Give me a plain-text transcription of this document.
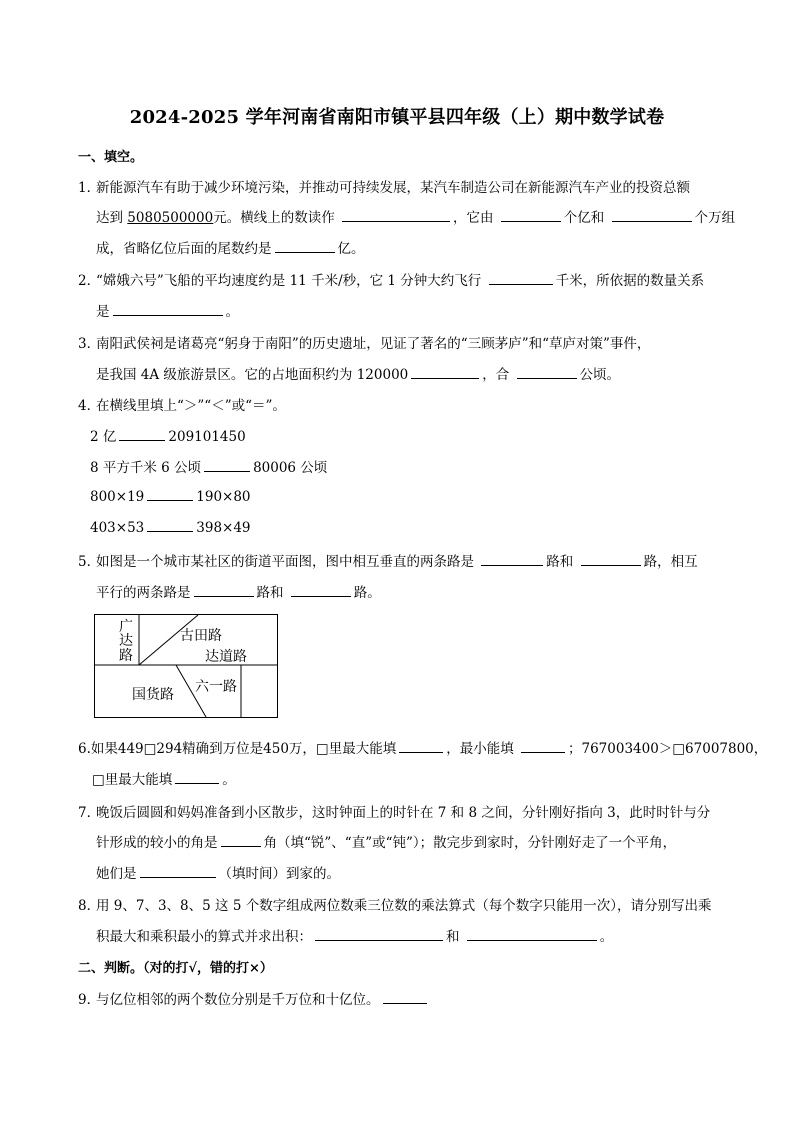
2024-2025 学年河南省南阳市镇平县四年级（上）期中数学试卷
一、填空。
1．新能源汽车有助于减少环境污染，并推动可持续发展，某汽车制造公司在新能源汽车产业的投资总额
达到 5080500000元。横线上的数读作	，它由	个亿和	个万组
成，省略亿位后面的尾数约是	亿。
2．“嫦娥六号”飞船的平均速度约是 11 千米/秒，它 1 分钟大约飞行	千米，所依据的数量关系
是	。
3．南阳武侯祠是诸葛亮“躬身于南阳”的历史遗址，见证了著名的“三顾茅庐”和“草庐对策”事件，
是我国 4A 级旅游景区。它的占地面积约为 120000	，合	公顷。
4．在横线里填上“＞”“＜”或“＝”。
2 亿	209101450
8 平方千米 6 公顷	80006 公顷
800×19	190×80
403×53	398×49
5．如图是一个城市某社区的街道平面图，图中相互垂直的两条路是	路和	路，相互
平行的两条路是	路和	路。
广
达
路
古田路
达道路
六一路
国货路
6.如果449□294精确到万位是450万，□里最大能填	，最小能填	；767003400＞□67007800，
□里最大能填	。
7．晚饭后圆圆和妈妈准备到小区散步，这时钟面上的时针在 7 和 8 之间，分针刚好指向 3，此时时针与分
针形成的较小的角是	角（填“锐”、“直”或“钝”）；散完步到家时，分针刚好走了一个平角，
她们是	（填时间）到家的。
8．用 9、7、3、8、5 这 5 个数字组成两位数乘三位数的乘法算式（每个数字只能用一次），请分别写出乘
积最大和乘积最小的算式并求出积：	和	。
二、判断。（对的打√，错的打×）
9．与亿位相邻的两个数位分别是千万位和十亿位。
